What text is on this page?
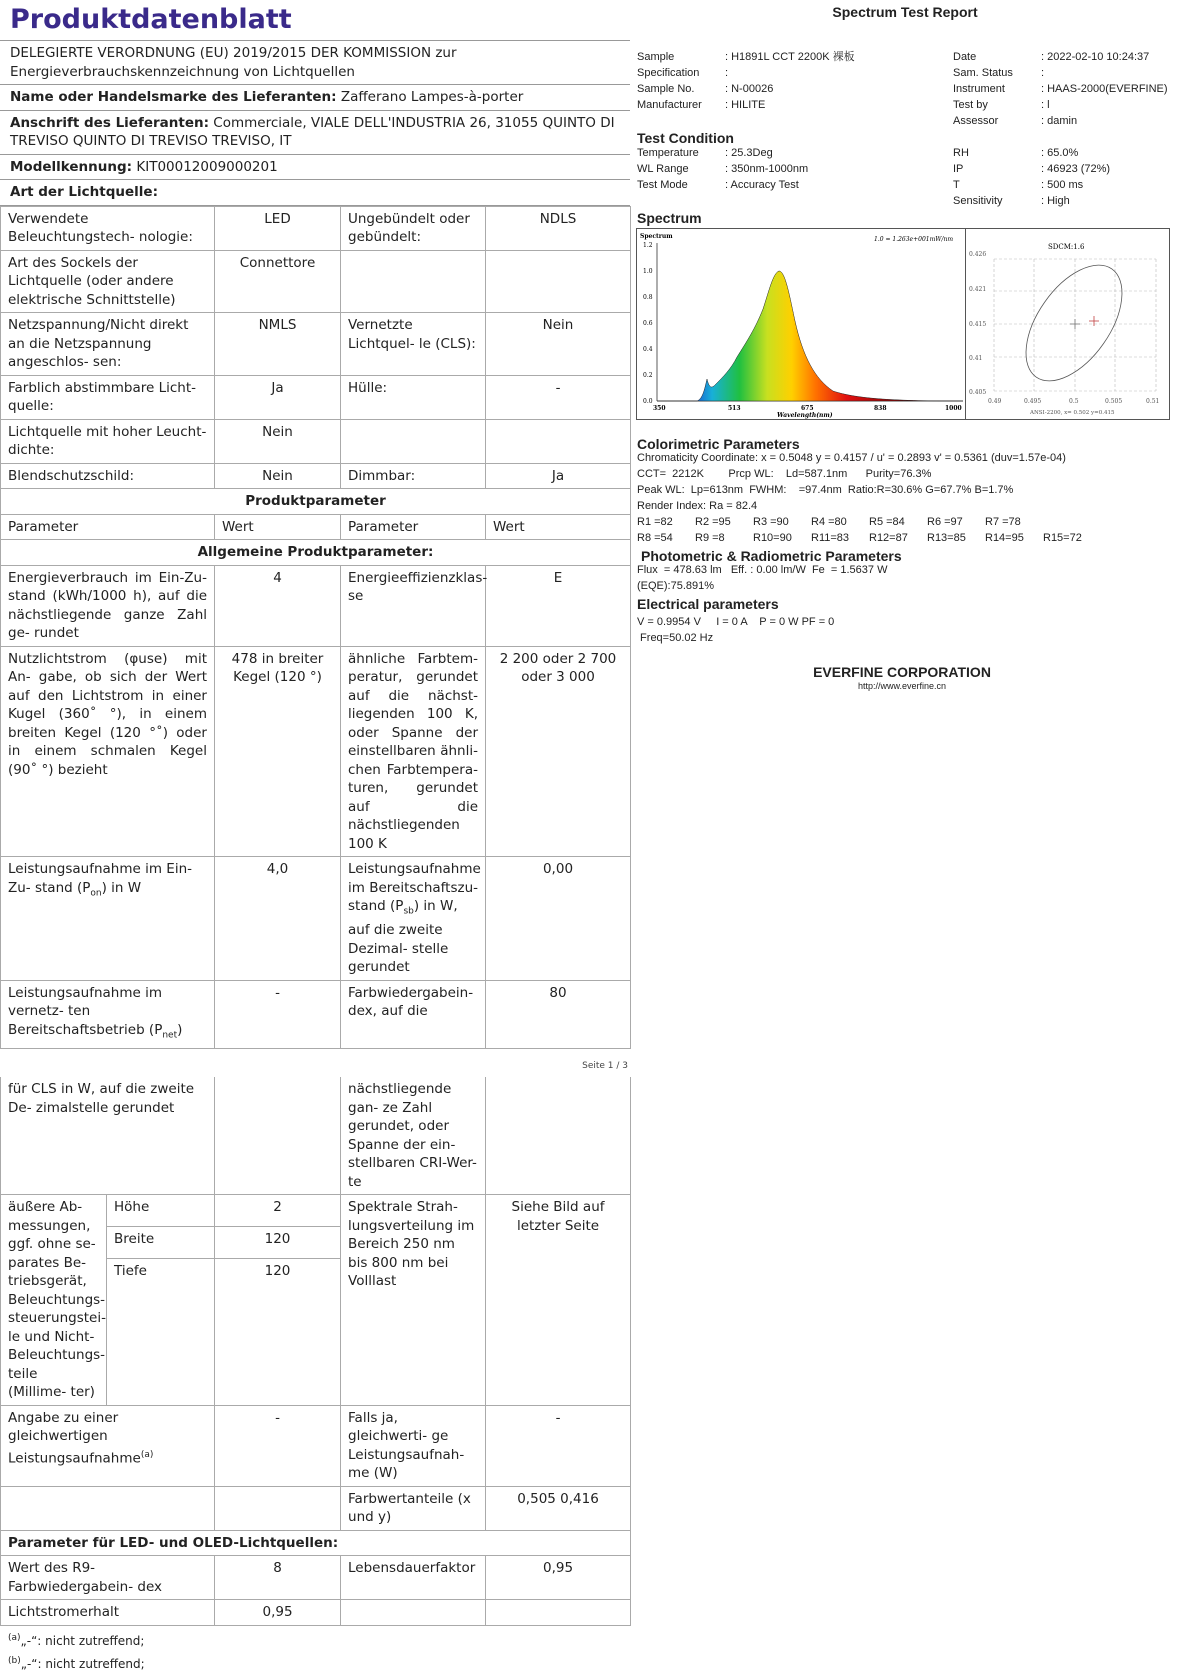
Produktdatenblatt
DELEGIERTE VERORDNUNG (EU) 2019/2015 DER KOMMISSION zur Energieverbrauchskennzeichnung von Lichtquellen
Name oder Handelsmarke des Lieferanten: Zafferano Lampes-à-porter
Anschrift des Lieferanten: Commerciale, VIALE DELL'INDUSTRIA 26, 31055 QUINTO DI TREVISO QUINTO DI TREVISO TREVISO, IT
Modellkennung: KIT00012009000201
Art der Lichtquelle:
Verwendete Beleuchtungstech- nologie:	LED	Ungebündelt oder gebündelt:	NDLS
Art des Sockels der Lichtquelle (oder andere elektrische Schnittstelle)	Connettore		
Netzspannung/Nicht direkt an die Netzspannung angeschlos- sen:	NMLS	Vernetzte Lichtquel- le (CLS):	Nein
Farblich abstimmbare Licht- quelle:	Ja	Hülle:	-
Lichtquelle mit hoher Leucht- dichte:	Nein		
Blendschutzschild:	Nein	Dimmbar:	Ja
Produktparameter			
Parameter	Wert	Parameter	Wert
Allgemeine Produktparameter:			
Energieverbrauch im Ein-Zu- stand (kWh/1000 h), auf die nächstliegende ganze Zahl ge- rundet	4	Energieeffizienzklas- se	E
Nutzlichtstrom (φuse) mit An- gabe, ob sich der Wert auf den Lichtstrom in einer Kugel (360˚ °), in einem breiten Kegel (120 °˚) oder in einem schmalen Kegel (90˚ °) bezieht	478 in breiter Kegel (120 °)	ähnliche Farbtem- peratur, gerundet auf die nächst- liegenden 100 K, oder Spanne der einstellbaren ähnli- chen Farbtempera- turen, gerundet auf die nächstliegenden 100 K	2 200 oder 2 700 oder 3 000
Leistungsaufnahme im Ein-Zu- stand $(P_{on})$ in W	4,0	Leistungsaufnahme im Bereitschaftszu- stand $(P_{sb})$ in W, auf die zweite Dezimal- stelle gerundet	0,00
Leistungsaufnahme im vernetz- ten Bereitschaftsbetrieb $(P_{net})$	-	Farbwiedergabein- dex, auf die	80
Seite 1 / 3
für CLS in W, auf die zweite De- zimalstelle gerundet			nächstliegende gan- ze Zahl gerundet, oder Spanne der ein- stellbaren CRI-Wer- te	
äußere Ab- messungen, ggf. ohne se- parates Be- triebsgerät, Beleuchtungs- steuerungstei- le und Nicht- Beleuchtungs- teile (Millime- ter)	Höhe	2	Spektrale Strah- lungsverteilung im Bereich 250 nm bis 800 nm bei Volllast	Siehe Bild auf letzter Seite
	Breite	120		
	Tiefe	120		
Angabe zu einer gleichwertigen Leistungsaufnahme$^{(a)}$		-	Falls ja, gleichwerti- ge Leistungsaufnah- me (W)	-
			Farbwertanteile (x und y)	0,505 0,416
Parameter für LED- und OLED-Lichtquellen:				
Wert des R9-Farbwiedergabein- dex		8	Lebensdauerfaktor	0,95
Lichtstromerhalt		0,95		
$^{(a)}$„-“: nicht zutreffend;
$^{(b)}$„-“: nicht zutreffend;
Spectrum Test Report
Sample	: H1891L CCT 2200K 裸板
Specification :
Sample No.	: N-00026
Manufacturer : HILITE
Date	: 2022-02-10 10:24:37
Sam. Status	:
Instrument	: HAAS-2000(EVERFINE)
Test by	: l
Assessor	: damin
Test Condition
Temperature : 25.3Deg
WL Range	: 350nm-1000nm
Test Mode	: Accuracy Test
RH	: 65.0%
IP	: 46923 (72%)
T	: 500 ms
Sensitivity	: High
Spectrum
Spectrum	1.0 = 1.263e+001mW/nm
1.2
1.0
0.8
0.6
0.4
0.2
0.0
350	513	675	838	1000
Wavelength(nm)
SDCM:1.6
0.426
0.421
0.415
0.41
0.405
0.49	0.495	0.5	0.505	0.51
ANSI-2200, x= 0.502 y=0.415
Colorimetric Parameters
Chromaticity Coordinate: x = 0.5048 y = 0.4157 / u' = 0.2893 v' = 0.5361 (duv=1.57e-04)
CCT=  2212K        Prcp WL:    Ld=587.1nm      Purity=76.3%
Peak WL:  Lp=613nm  FWHM:    =97.4nm  Ratio:R=30.6% G=67.7% B=1.7%
Render Index: Ra = 82.4
R1 =82 R2 =95 R3 =90 R4 =80 R5 =84 R6 =97 R7 =78
R8 =54 R9 =8	R10=90 R11=83 R12=87 R13=85 R14=95 R15=72
Photometric & Radiometric Parameters
Flux  = 478.63 lm   Eff. : 0.00 lm/W  Fe  = 1.5637 W
(EQE):75.891%
Electrical parameters
V = 0.9954 V     I = 0 A    P = 0 W PF = 0
Freq=50.02 Hz
EVERFINE CORPORATION
http://www.everfine.cn
